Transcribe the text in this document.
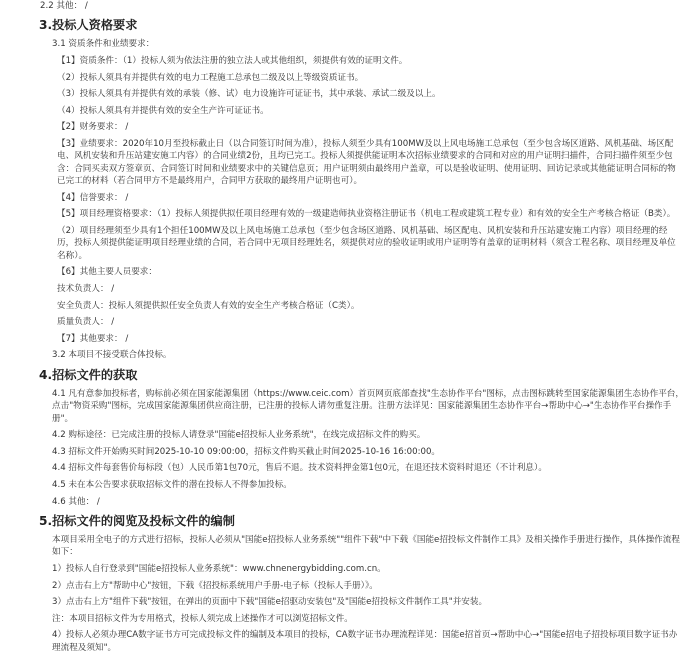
2.2 其他： /

3.投标人资格要求

3.1 资质条件和业绩要求：

【1】资质条件：（1）投标人须为依法注册的独立法人或其他组织，须提供有效的证明文件。

（2）投标人须具有并提供有效的电力工程施工总承包二级及以上等级资质证书。

（3）投标人须具有并提供有效的承装（修、试）电力设施许可证证书，其中承装、承试二级及以上。

（4）投标人须具有并提供有效的安全生产许可证证书。

【2】财务要求： /

【3】业绩要求：2020年10月至投标截止日（以合同签订时间为准），投标人须至少具有100MW及以上风电场施工总承包（至少包含场区道路、风机基础、场区配电、风机安装和升压站建安施工内容）的合同业绩2份，且均已完工。投标人须提供能证明本次招标业绩要求的合同和对应的用户证明扫描件，合同扫描件须至少包含：合同买卖双方签章页、合同签订时间和业绩要求中的关键信息页；用户证明须由最终用户盖章，可以是验收证明、使用证明、回访记录或其他能证明合同标的物已完工的材料（若合同甲方不是最终用户，合同甲方获取的最终用户证明也可）。

【4】信誉要求： /

【5】项目经理资格要求：（1）投标人须提供拟任项目经理有效的一级建造师执业资格注册证书（机电工程或建筑工程专业）和有效的安全生产考核合格证（B类）。

（2）项目经理须至少具有1个担任100MW及以上风电场施工总承包（至少包含场区道路、风机基础、场区配电、风机安装和升压站建安施工内容）项目经理的经历，投标人须提供能证明项目经理业绩的合同，若合同中无项目经理姓名，须提供对应的验收证明或用户证明等有盖章的证明材料（须含工程名称、项目经理及单位名称）。

【6】其他主要人员要求：

技术负责人： /

安全负责人：投标人须提供拟任安全负责人有效的安全生产考核合格证（C类）。

质量负责人： /

【7】其他要求： /

3.2 本项目不接受联合体投标。

4.招标文件的获取

4.1 凡有意参加投标者，购标前必须在国家能源集团（https://www.ceic.com）首页网页底部查找"生态协作平台"图标，点击图标跳转至国家能源集团生态协作平台，点击"物资采购"图标，完成国家能源集团供应商注册，已注册的投标人请勿重复注册。注册方法详见：国家能源集团生态协作平台→帮助中心→"生态协作平台操作手册"。

4.2 购标途径：已完成注册的投标人请登录"国能e招投标人业务系统"，在线完成招标文件的购买。

4.3 招标文件开始购买时间2025-10-10 09:00:00，招标文件购买截止时间2025-10-16 16:00:00。

4.4 招标文件每套售价每标段（包）人民币第1包70元，售后不退。技术资料押金第1包0元，在退还技术资料时退还（不计利息）。

4.5 未在本公告要求获取招标文件的潜在投标人不得参加投标。

4.6 其他： /

5.招标文件的阅览及投标文件的编制

本项目采用全电子的方式进行招标，投标人必须从"国能e招投标人业务系统""组件下载"中下载《国能e招投标文件制作工具》及相关操作手册进行操作，具体操作流程如下：

1）投标人自行登录到"国能e招投标人业务系统"：www.chnenergybidding.com.cn。

2）点击右上方"帮助中心"按钮，下载《招投标系统用户手册-电子标（投标人手册）》。

3）点击右上方"组件下载"按钮，在弹出的页面中下载"国能e招驱动安装包"及"国能e招投标文件制作工具"并安装。

注：本项目招标文件为专用格式，投标人须完成上述操作才可以浏览招标文件。

4）投标人必须办理CA数字证书方可完成投标文件的编制及本项目的投标，CA数字证书办理流程详见：国能e招首页→帮助中心→"国能e招电子招投标项目数字证书办理流程及须知"。
